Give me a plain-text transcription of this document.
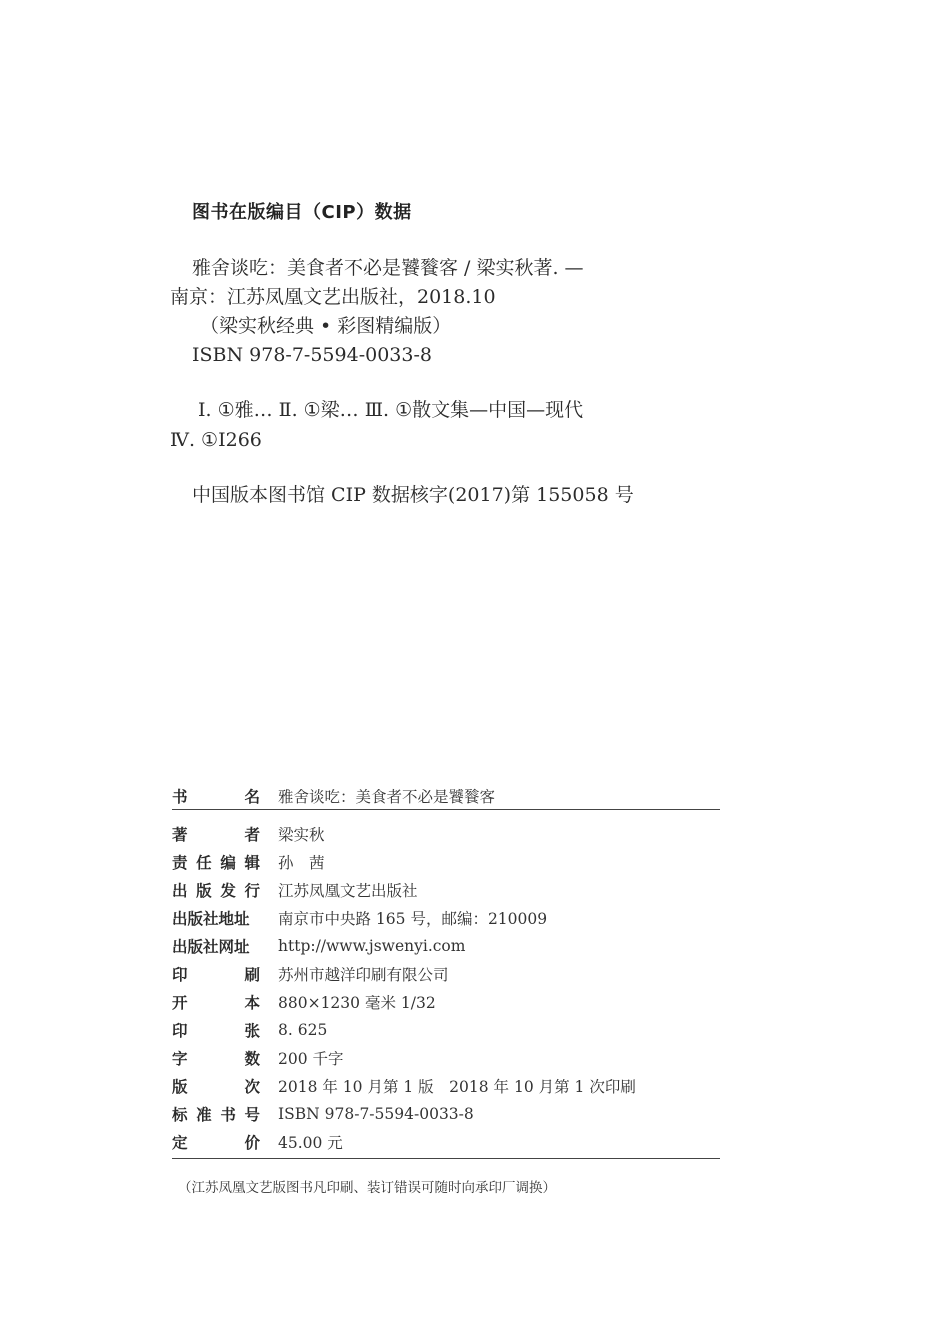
图书在版编目（CIP）数据
雅舍谈吃：美食者不必是饕餮客 / 梁实秋著. —
南京：江苏凤凰文艺出版社，2018.10
（梁实秋经典 • 彩图精编版）
ISBN 978-7-5594-0033-8
Ⅰ. ①雅… Ⅱ. ①梁… Ⅲ. ①散文集—中国—现代
Ⅳ. ①I266
中国版本图书馆 CIP 数据核字(2017)第 155058 号
书	名	雅舍谈吃：美食者不必是饕餮客
著	者	梁实秋
责 任 编 辑	孙　茜
出 版 发 行	江苏凤凰文艺出版社
出版社地址	南京市中央路 165 号，邮编：210009
出版社网址	http://www.jswenyi.com
印	刷	苏州市越洋印刷有限公司
开	本	880×1230 毫米 1/32
印	张	8. 625
字	数	200 千字
版	次	2018 年 10 月第 1 版　2018 年 10 月第 1 次印刷
标 准 书 号	ISBN 978-7-5594-0033-8
定	价	45.00 元
（江苏凤凰文艺版图书凡印刷、装订错误可随时向承印厂调换）
